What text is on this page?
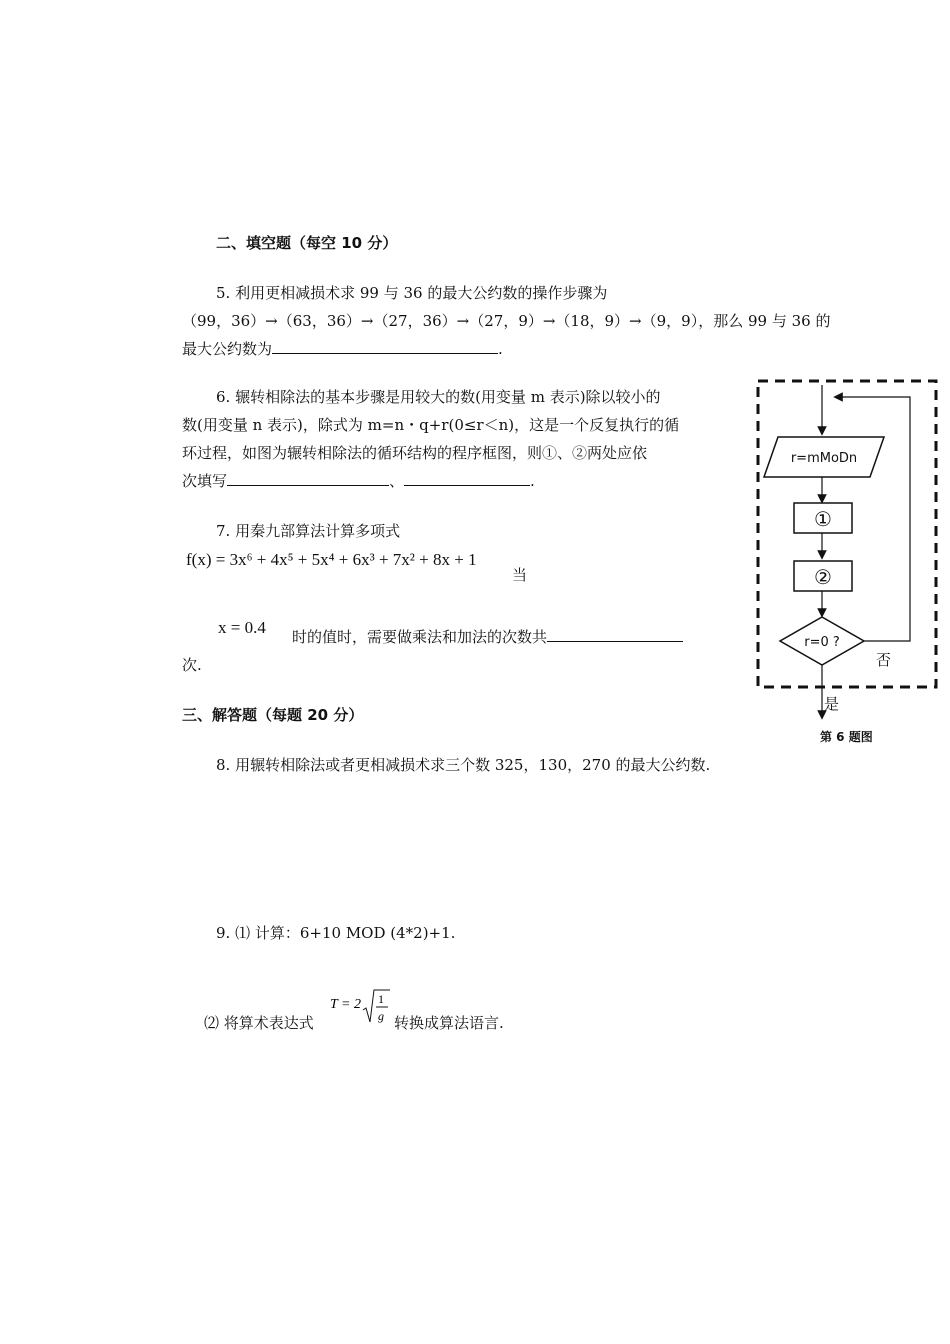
二、填空题（每空 10 分）
5. 利用更相减损术求 99 与 36 的最大公约数的操作步骤为
（99，36）→（63，36）→（27，36）→（27，9）→（18，9）→（9，9），那么 99 与 36 的
最大公约数为	.
6. 辗转相除法的基本步骤是用较大的数(用变量 m 表示)除以较小的
数(用变量 n 表示)，除式为 m=n・q+r(0≤r＜n)，这是一个反复执行的循
环过程，如图为辗转相除法的循环结构的程序框图，则①、②两处应依
次填写	、	.
7. 用秦九部算法计算多项式
f(x) = 3x⁶ + 4x⁵ + 5x⁴ + 6x³ + 7x² + 8x + 1
当
x = 0.4 时的值时，需要做乘法和加法的次数共
次.
三、解答题（每题 20 分）
8. 用辗转相除法或者更相减损术求三个数 325，130，270 的最大公约数.
9. ⑴ 计算：6+10 MOD (4*2)+1.
⑵ 将算术表达式
T = 2 1
g 转换成算法语言.
r=mMoDn
①
②
r=0 ?
否
是
第 6 题图
